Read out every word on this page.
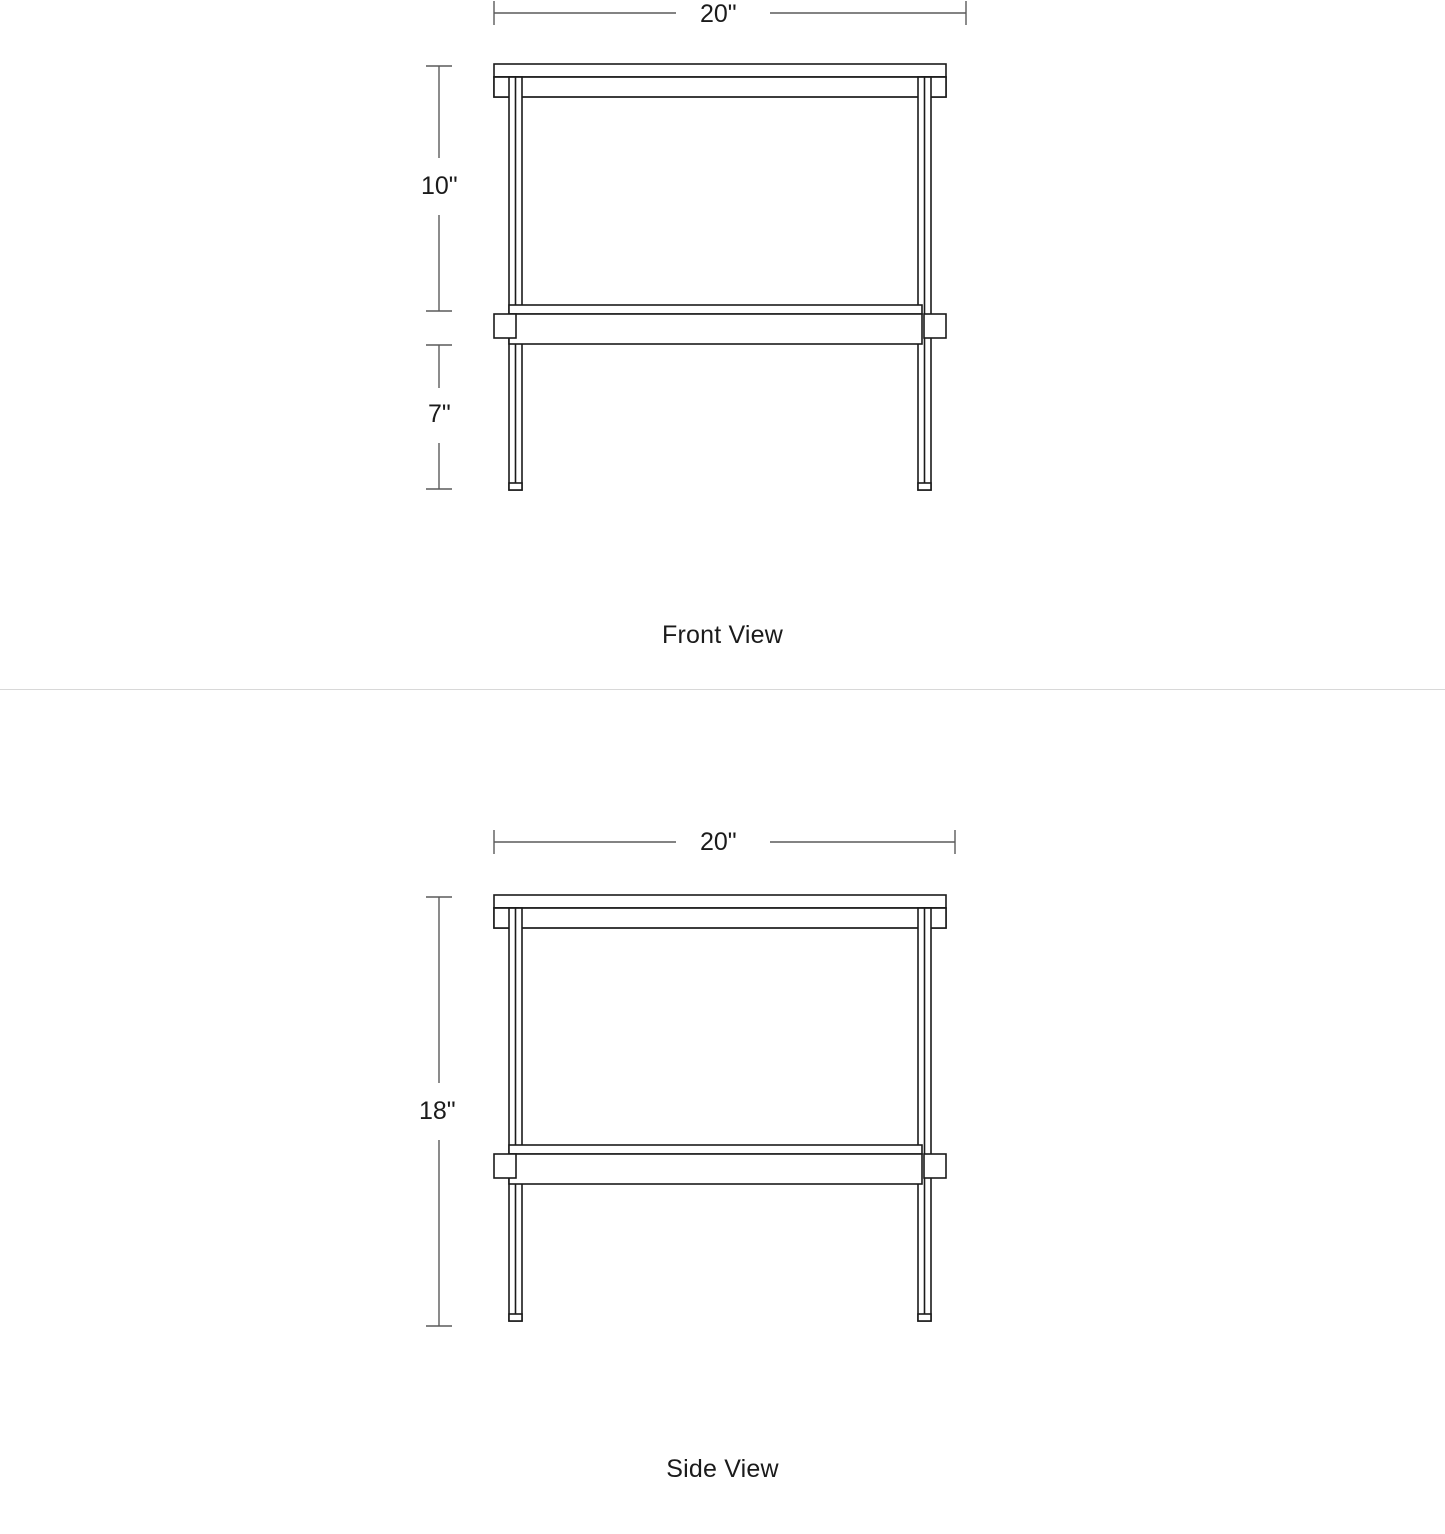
10"
7"
20"
Front View
18"
20"
Side View
